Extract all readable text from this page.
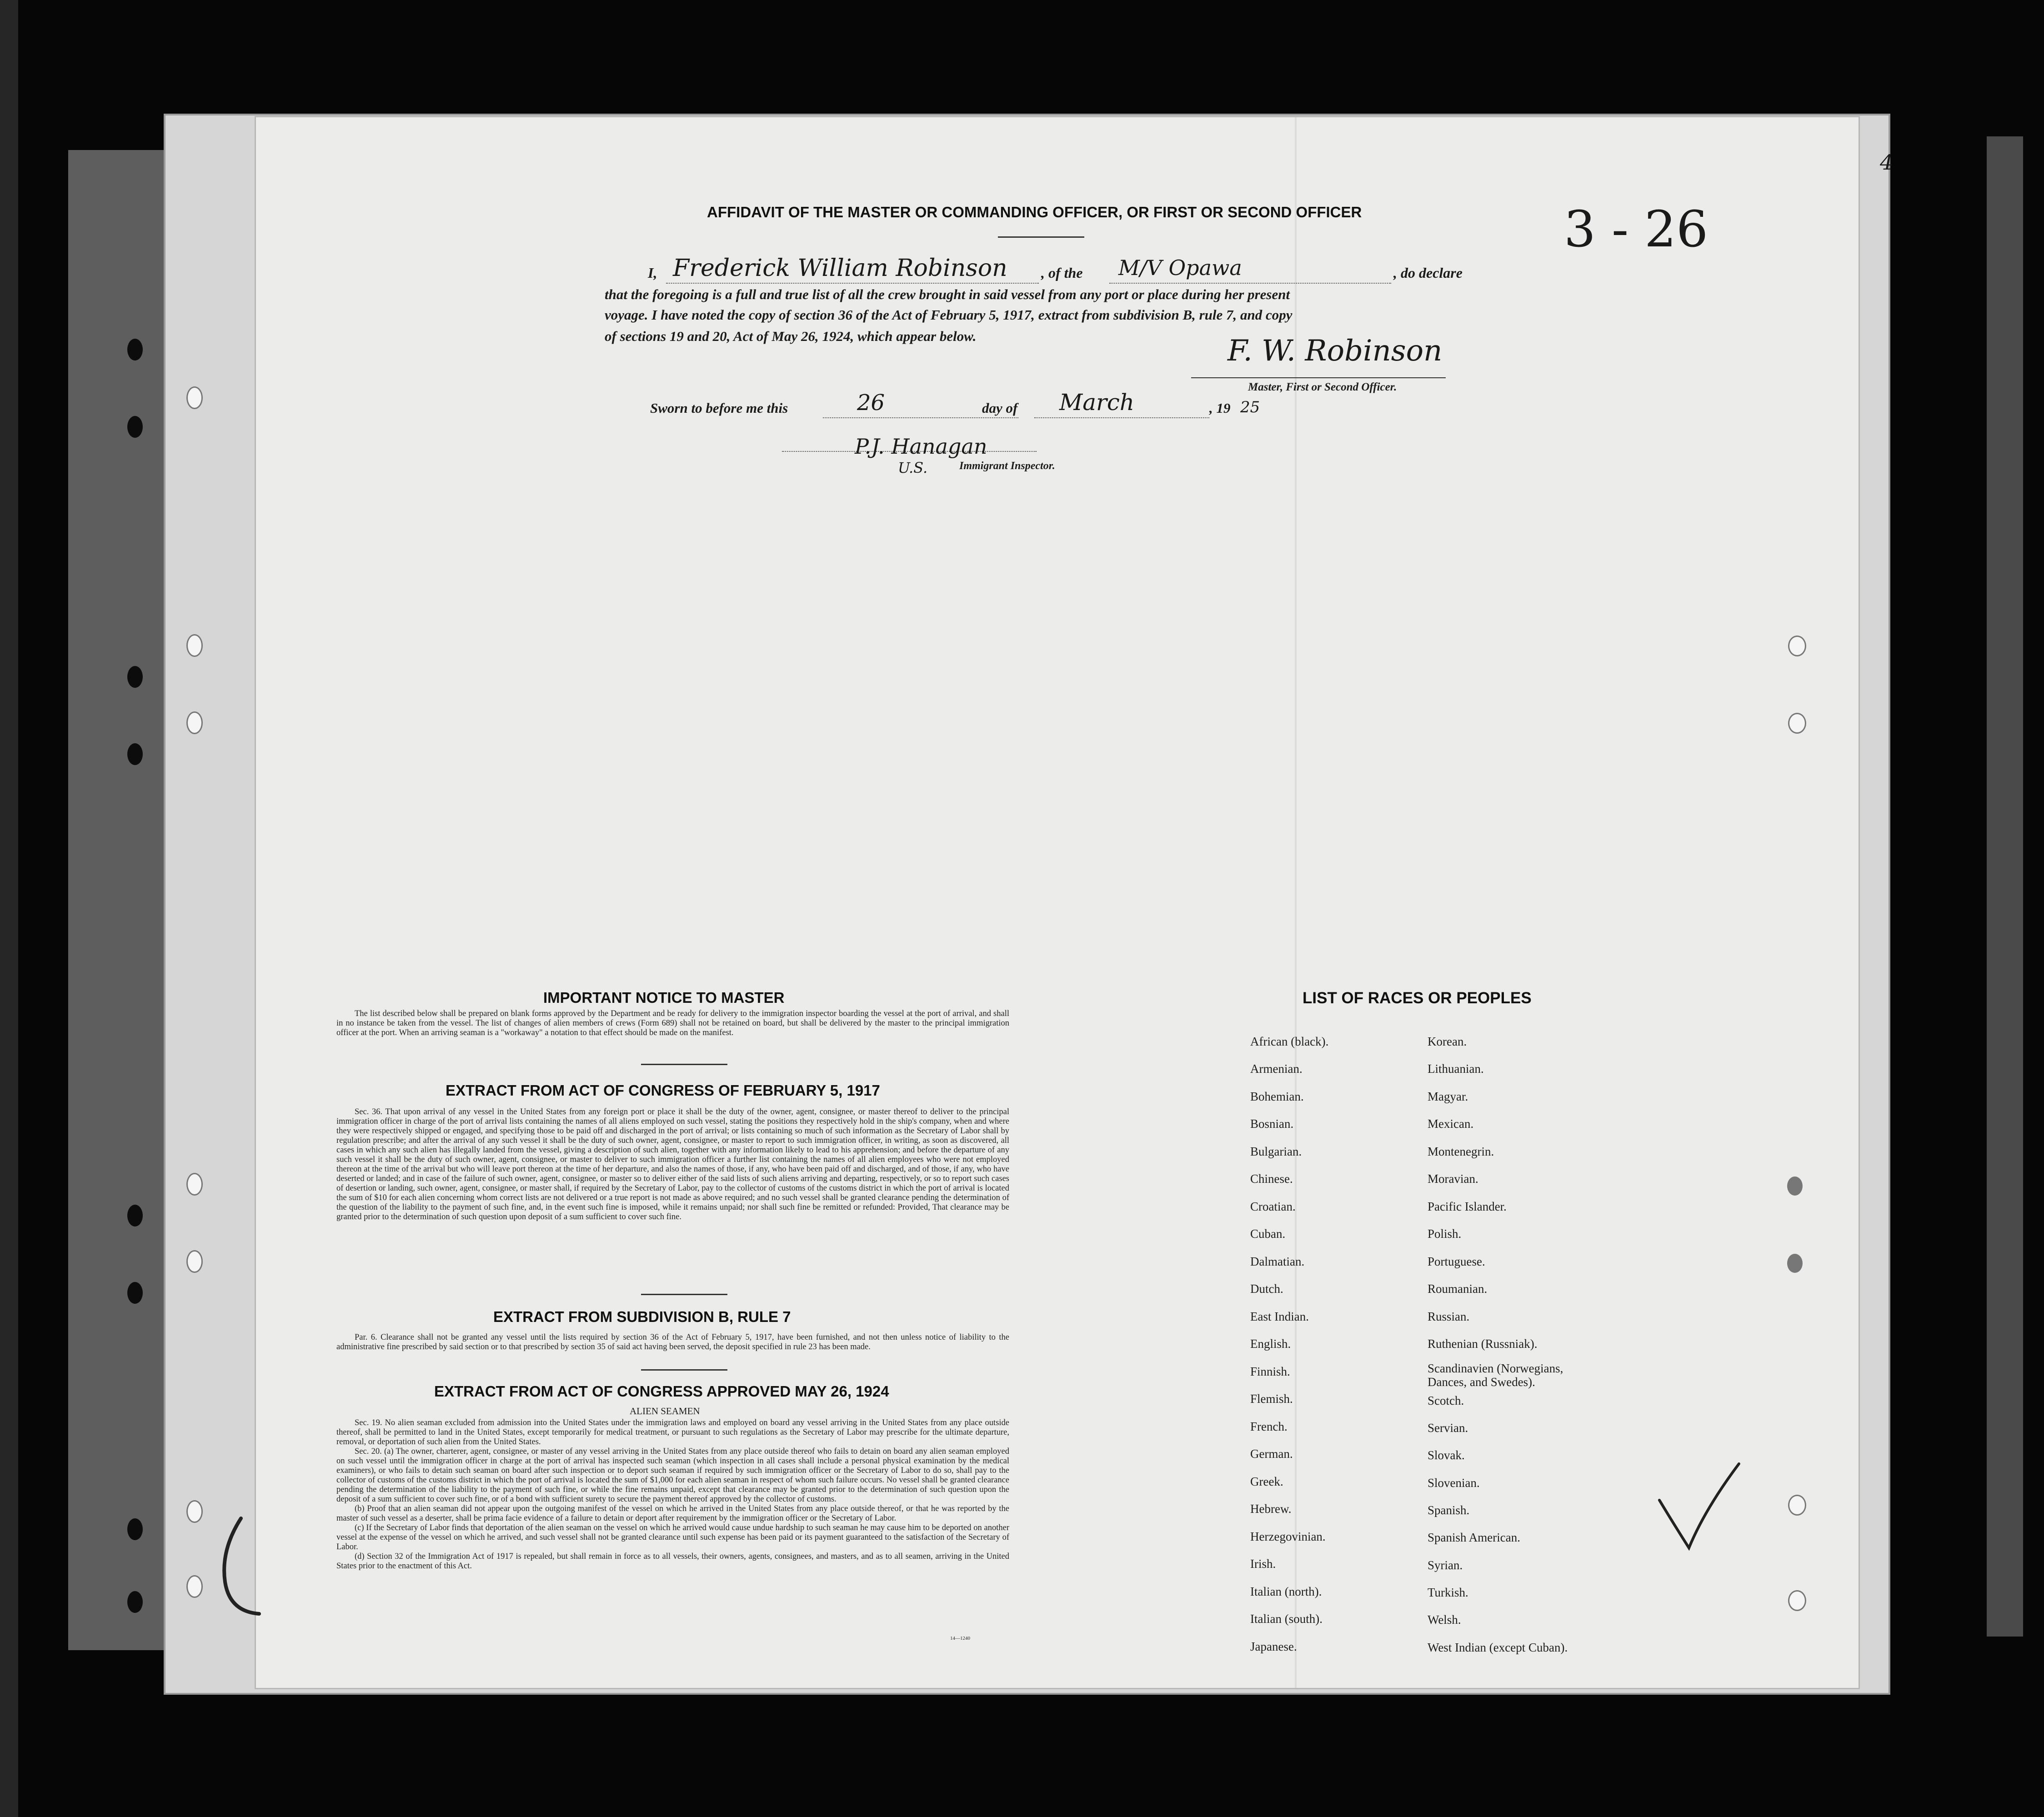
4
AFFIDAVIT OF THE MASTER OR COMMANDING OFFICER, OR FIRST OR SECOND OFFICER
I, Frederick William Robinson , of the M/V Opawa	, do declare
that the foregoing is a full and true list of all the crew brought in said vessel from any port or place during her present
voyage. I have noted the copy of section 36 of the Act of February 5, 1917, extract from subdivision B, rule 7, and copy
of sections 19 and 20, Act of May 26, 1924, which appear below.	F. W. Robinson
Master, First or Second Officer.
Sworn to before me this	26	day of March	, 19 25
P.J. Hanagan
U.S.	Immigrant Inspector.
3 - 26
IMPORTANT NOTICE TO MASTER
The list described below shall be prepared on blank forms approved by the Department and be ready for delivery to the immigration inspector boarding the vessel at the port of arrival, and shall in no instance be taken from the vessel. The list of changes of alien members of crews (Form 689) shall not be retained on board, but shall be delivered by the master to the principal immigration officer at the port. When an arriving seaman is a "workaway" a notation to that effect should be made on the manifest.
EXTRACT FROM ACT OF CONGRESS OF FEBRUARY 5, 1917
Sec. 36. That upon arrival of any vessel in the United States from any foreign port or place it shall be the duty of the owner, agent, consignee, or master thereof to deliver to the principal immigration officer in charge of the port of arrival lists containing the names of all aliens employed on such vessel, stating the positions they respectively hold in the ship's company, when and where they were respectively shipped or engaged, and specifying those to be paid off and discharged in the port of arrival; or lists containing so much of such information as the Secretary of Labor shall by regulation prescribe; and after the arrival of any such vessel it shall be the duty of such owner, agent, consignee, or master to report to such immigration officer, in writing, as soon as discovered, all cases in which any such alien has illegally landed from the vessel, giving a description of such alien, together with any information likely to lead to his apprehension; and before the departure of any such vessel it shall be the duty of such owner, agent, consignee, or master to deliver to such immigration officer a further list containing the names of all alien employees who were not employed thereon at the time of the arrival but who will leave port thereon at the time of her departure, and also the names of those, if any, who have been paid off and discharged, and of those, if any, who have deserted or landed; and in case of the failure of such owner, agent, consignee, or master so to deliver either of the said lists of such aliens arriving and departing, respectively, or so to report such cases of desertion or landing, such owner, agent, consignee, or master shall, if required by the Secretary of Labor, pay to the collector of customs of the customs district in which the port of arrival is located the sum of $10 for each alien concerning whom correct lists are not delivered or a true report is not made as above required; and no such vessel shall be granted clearance pending the determination of the question of the liability to the payment of such fine, and, in the event such fine is imposed, while it remains unpaid; nor shall such fine be remitted or refunded: Provided, That clearance may be granted prior to the determination of such question upon deposit of a sum sufficient to cover such fine.
EXTRACT FROM SUBDIVISION B, RULE 7
Par. 6. Clearance shall not be granted any vessel until the lists required by section 36 of the Act of February 5, 1917, have been furnished, and not then unless notice of liability to the administrative fine prescribed by said section or to that prescribed by section 35 of said act having been served, the deposit specified in rule 23 has been made.
EXTRACT FROM ACT OF CONGRESS APPROVED MAY 26, 1924
ALIEN SEAMEN
Sec. 19. No alien seaman excluded from admission into the United States under the immigration laws and employed on board any vessel arriving in the United States from any place outside thereof, shall be permitted to land in the United States, except temporarily for medical treatment, or pursuant to such regulations as the Secretary of Labor may prescribe for the ultimate departure, removal, or deportation of such alien from the United States.
Sec. 20. (a) The owner, charterer, agent, consignee, or master of any vessel arriving in the United States from any place outside thereof who fails to detain on board any alien seaman employed on such vessel until the immigration officer in charge at the port of arrival has inspected such seaman (which inspection in all cases shall include a personal physical examination by the medical examiners), or who fails to detain such seaman on board after such inspection or to deport such seaman if required by such immigration officer or the Secretary of Labor to do so, shall pay to the collector of customs of the customs district in which the port of arrival is located the sum of $1,000 for each alien seaman in respect of whom such failure occurs. No vessel shall be granted clearance pending the determination of the liability to the payment of such fine, or while the fine remains unpaid, except that clearance may be granted prior to the determination of such question upon the deposit of a sum sufficient to cover such fine, or of a bond with sufficient surety to secure the payment thereof approved by the collector of customs.
(b) Proof that an alien seaman did not appear upon the outgoing manifest of the vessel on which he arrived in the United States from any place outside thereof, or that he was reported by the master of such vessel as a deserter, shall be prima facie evidence of a failure to detain or deport after requirement by the immigration officer or the Secretary of Labor.
(c) If the Secretary of Labor finds that deportation of the alien seaman on the vessel on which he arrived would cause undue hardship to such seaman he may cause him to be deported on another vessel at the expense of the vessel on which he arrived, and such vessel shall not be granted clearance until such expense has been paid or its payment guaranteed to the satisfaction of the Secretary of Labor.
(d) Section 32 of the Immigration Act of 1917 is repealed, but shall remain in force as to all vessels, their owners, agents, consignees, and masters, and as to all seamen, arriving in the United States prior to the enactment of this Act.
14—1240
LIST OF RACES OR PEOPLES
African (black).
Armenian.
Bohemian.
Bosnian.
Bulgarian.
Chinese.
Croatian.
Cuban.
Dalmatian.
Dutch.
East Indian.
English.
Finnish.
Flemish.
French.
German.
Greek.
Hebrew.
Herzegovinian.
Irish.
Italian (north).
Italian (south).
Japanese.
Korean.
Lithuanian.
Magyar.
Mexican.
Montenegrin.
Moravian.
Pacific Islander.
Polish.
Portuguese.
Roumanian.
Russian.
Ruthenian (Russniak).
Scandinavien (Norwegians, Dances, and Swedes).
Scotch.
Servian.
Slovak.
Slovenian.
Spanish.
Spanish American.
Syrian.
Turkish.
Welsh.
West Indian (except Cuban).
